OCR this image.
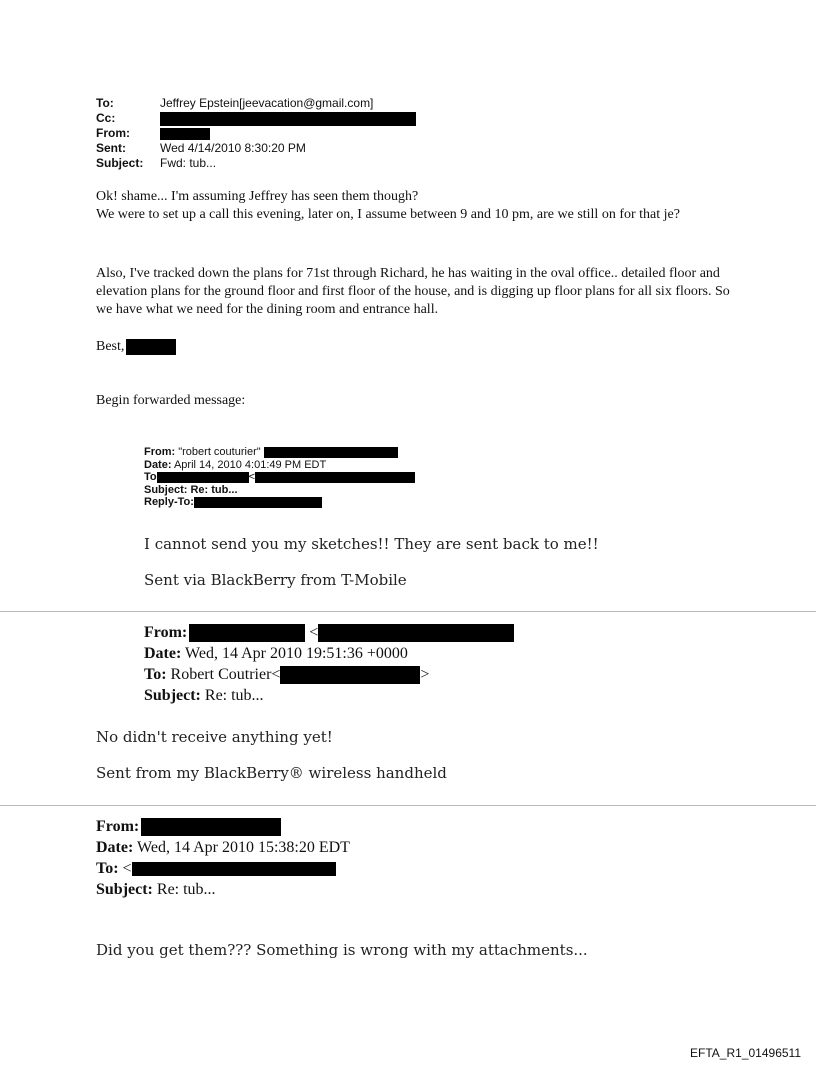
To:	Jeffrey Epstein[jeevacation@gmail.com]
Cc:
From:
Sent:	Wed 4/14/2010 8:30:20 PM
Subject: Fwd: tub...
Ok! shame... I'm assuming Jeffrey has seen them though?
We were to set up a call this evening, later on, I assume between 9 and 10 pm, are we still on for that je?

Also, I've tracked down the plans for 71st through Richard, he has waiting in the oval office.. detailed floor and elevation plans for the ground floor and first floor of the house, and is digging up floor plans for all six floors. So we have what we need for the dining room and entrance hall.

Best,
Begin forwarded message:
From: "robert couturier"
Date: April 14, 2010 4:01:49 PM EDT
To	<
Subject: Re: tub...
Reply-To:
I cannot send you my sketches!! They are sent back to me!!
Sent via BlackBerry from T-Mobile
From:	<
Date: Wed, 14 Apr 2010 19:51:36 +0000
To: Robert Coutrier<	>
Subject: Re: tub...
No didn't receive anything yet!
Sent from my BlackBerry® wireless handheld
From:
Date: Wed, 14 Apr 2010 15:38:20 EDT
To: <
Subject: Re: tub...
Did you get them??? Something is wrong with my attachments...
EFTA_R1_01496511
